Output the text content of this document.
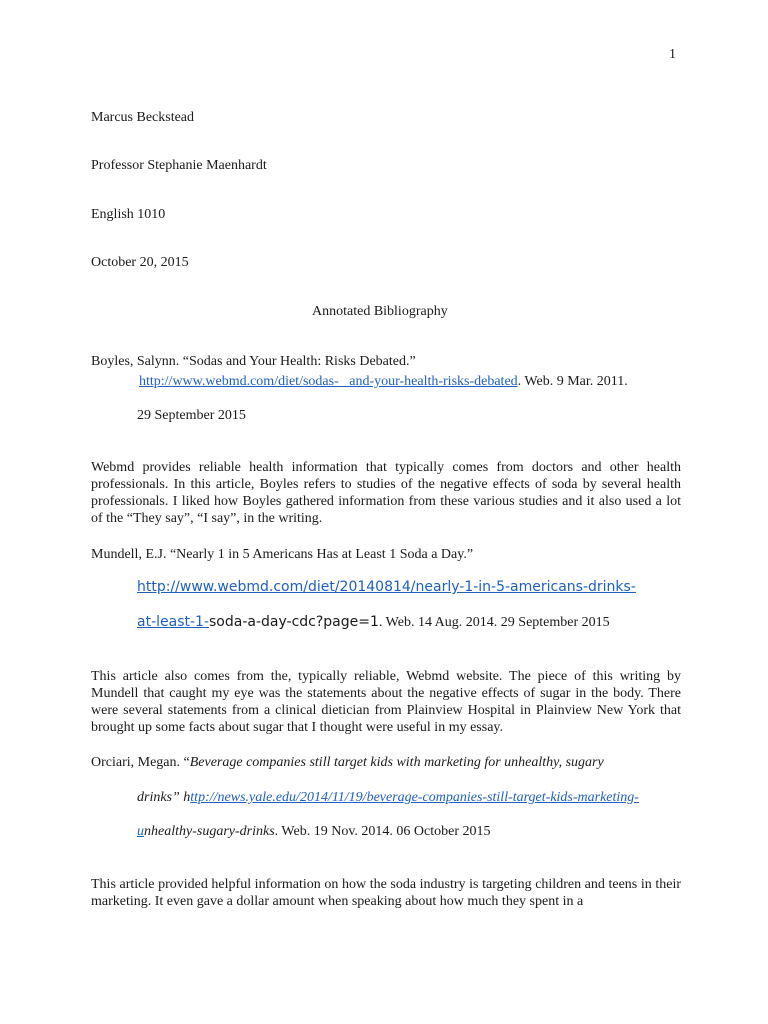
1
Marcus Beckstead
Professor Stephanie Maenhardt
English 1010
October 20, 2015
Annotated Bibliography
Boyles, Salynn. “Sodas and Your Health: Risks Debated.”
http://www.webmd.com/diet/sodas- and-your-health-risks-debated. Web. 9 Mar. 2011.
29 September 2015
Webmd provides reliable health information that typically comes from doctors and other health professionals. In this article, Boyles refers to studies of the negative effects of soda by several health professionals. I liked how Boyles gathered information from these various studies and it also used a lot of the “They say”, “I say”, in the writing.
Mundell, E.J. “Nearly 1 in 5 Americans Has at Least 1 Soda a Day.”
http://www.webmd.com/diet/20140814/nearly-1-in-5-americans-drinks-
at-least-1-soda-a-day-cdc?page=1. Web. 14 Aug. 2014. 29 September 2015
This article also comes from the, typically reliable, Webmd website. The piece of this writing by Mundell that caught my eye was the statements about the negative effects of sugar in the body. There were several statements from a clinical dietician from Plainview Hospital in Plainview New York that brought up some facts about sugar that I thought were useful in my essay.
Orciari, Megan. “Beverage companies still target kids with marketing for unhealthy, sugary
drinks” http://news.yale.edu/2014/11/19/beverage-companies-still-target-kids-marketing-
unhealthy-sugary-drinks. Web. 19 Nov. 2014. 06 October 2015
This article provided helpful information on how the soda industry is targeting children and teens in their marketing. It even gave a dollar amount when speaking about how much they spent in a
